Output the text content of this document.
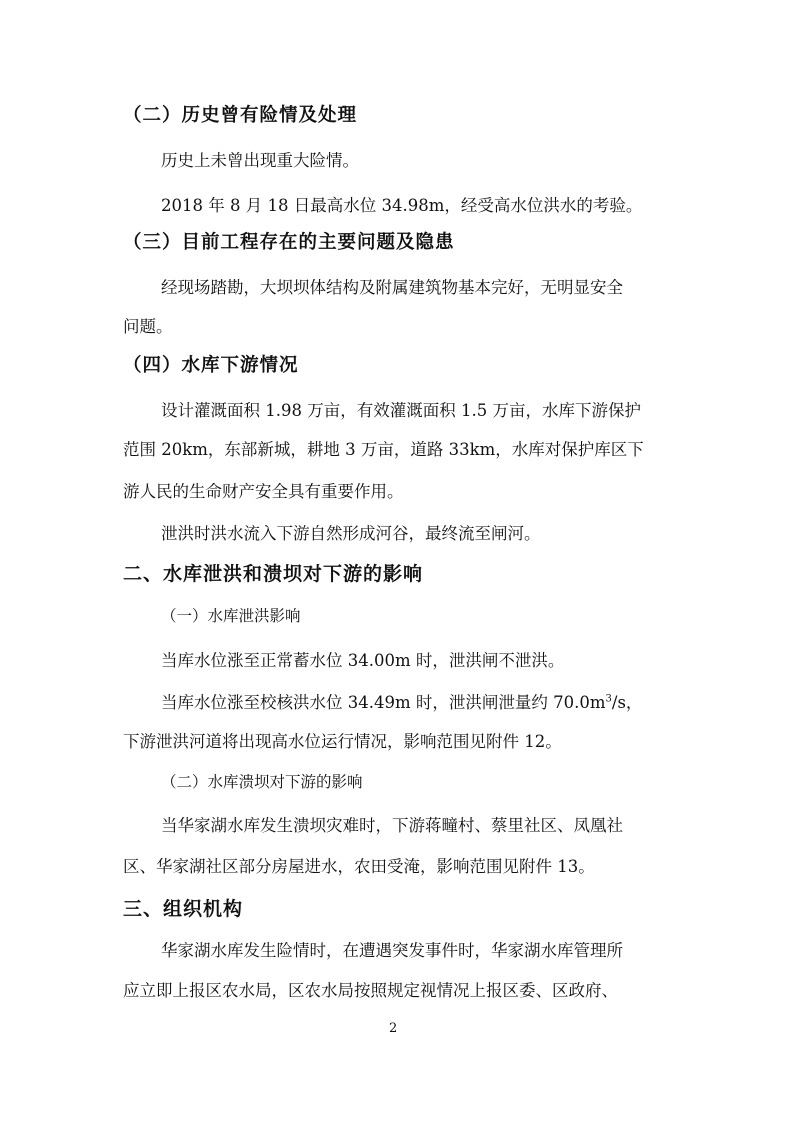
（二）历史曾有险情及处理
历史上未曾出现重大险情。
2018 年 8 月 18 日最高水位 34.98m，经受高水位洪水的考验。
（三）目前工程存在的主要问题及隐患
经现场踏勘，大坝坝体结构及附属建筑物基本完好，无明显安全
问题。
（四）水库下游情况
设计灌溉面积 1.98 万亩，有效灌溉面积 1.5 万亩，水库下游保护
范围 20km，东部新城，耕地 3 万亩，道路 33km，水库对保护库区下
游人民的生命财产安全具有重要作用。
泄洪时洪水流入下游自然形成河谷，最终流至闸河。
二、水库泄洪和溃坝对下游的影响
（一）水库泄洪影响
当库水位涨至正常蓄水位 34.00m 时，泄洪闸不泄洪。
当库水位涨至校核洪水位 34.49m 时，泄洪闸泄量约 $70.0m^3/s$，
下游泄洪河道将出现高水位运行情况，影响范围见附件 12。
（二）水库溃坝对下游的影响
当华家湖水库发生溃坝灾难时，下游蒋疃村、蔡里社区、凤凰社
区、华家湖社区部分房屋进水，农田受淹，影响范围见附件 13。
三、组织机构
华家湖水库发生险情时，在遭遇突发事件时，华家湖水库管理所
应立即上报区农水局，区农水局按照规定视情况上报区委、区政府、
2
